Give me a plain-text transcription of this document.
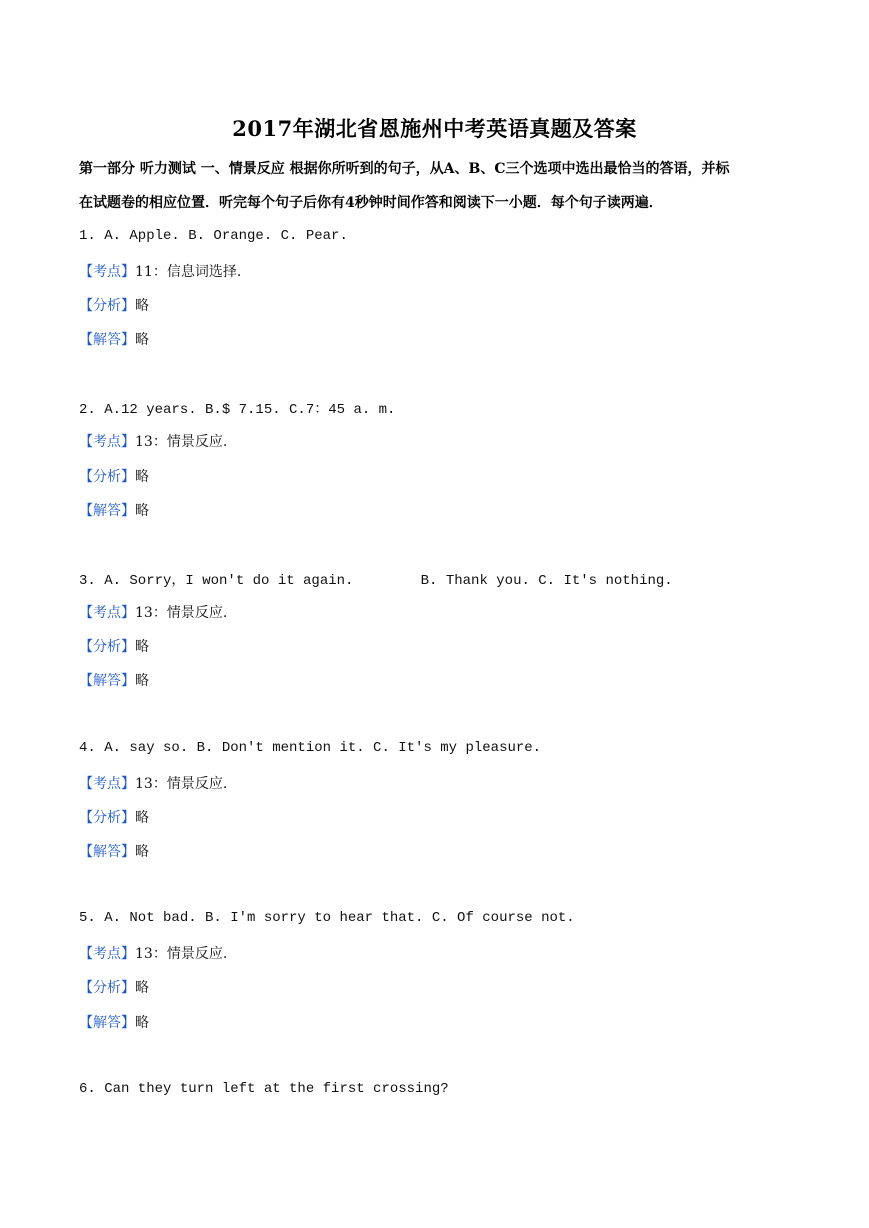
2017年湖北省恩施州中考英语真题及答案
第一部分 听力测试 一、情景反应 根据你所听到的句子，从A、B、C三个选项中选出最恰当的答语，并标
在试题卷的相应位置．听完每个句子后你有4秒钟时间作答和阅读下一小题．每个句子读两遍．
1. A. Apple. B. Orange. C. Pear.
【考点】11：信息词选择.
【分析】略
【解答】略
2. A.12 years. B.$ 7.15. C.7：45 a. m.
【考点】13：情景反应.
【分析】略
【解答】略
3. A. Sorry，I won't do it again.        B. Thank you. C. It's nothing.
【考点】13：情景反应.
【分析】略
【解答】略
4. A. say so. B. Don't mention it. C. It's my pleasure.
【考点】13：情景反应.
【分析】略
【解答】略
5. A. Not bad. B. I'm sorry to hear that. C. Of course not.
【考点】13：情景反应.
【分析】略
【解答】略
6. Can they turn left at the first crossing?
